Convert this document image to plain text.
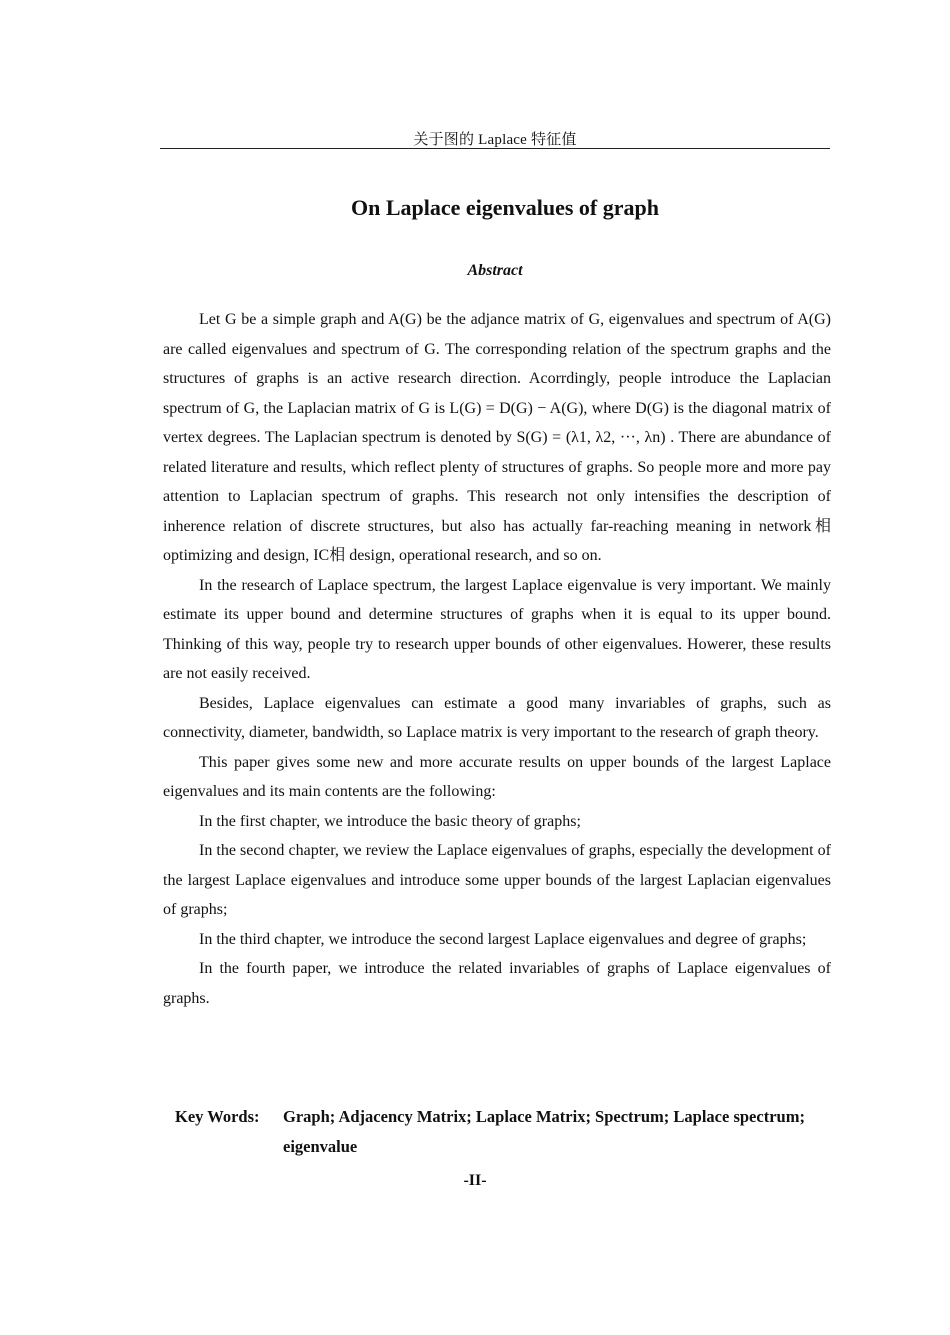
关于图的 Laplace 特征值
On Laplace eigenvalues of graph
Abstract

Let G be a simple graph and A(G) be the adjance matrix of G, eigenvalues and spectrum of A(G) are called eigenvalues and spectrum of G. The corresponding relation of the spectrum graphs and the structures of graphs is an active research direction. Acorrdingly, people introduce the Laplacian spectrum of G, the Laplacian matrix of G is L(G) = D(G) − A(G), where D(G) is the diagonal matrix of vertex degrees. The Laplacian spectrum is denoted by S(G) = (λ1, λ2, ···, λn) . There are abundance of related literature and results, which reflect plenty of structures of graphs. So people more and more pay attention to Laplacian spectrum of graphs. This research not only intensifies the description of inherence relation of discrete structures, but also has actually far-reaching meaning in network相optimizing and design, IC相 design, operational research, and so on.

In the research of Laplace spectrum, the largest Laplace eigenvalue is very important. We mainly estimate its upper bound and determine structures of graphs when it is equal to its upper bound. Thinking of this way, people try to research upper bounds of other eigenvalues. Howerer, these results are not easily received.

Besides, Laplace eigenvalues can estimate a good many invariables of graphs, such as connectivity, diameter, bandwidth, so Laplace matrix is very important to the research of graph theory.

This paper gives some new and more accurate results on upper bounds of the largest Laplace eigenvalues and its main contents are the following:

In the first chapter, we introduce the basic theory of graphs;

In the second chapter, we review the Laplace eigenvalues of graphs, especially the development of the largest Laplace eigenvalues and introduce some upper bounds of the largest Laplacian eigenvalues of graphs;

In the third chapter, we introduce the second largest Laplace eigenvalues and degree of graphs;

In the fourth paper, we introduce the related invariables of graphs of Laplace eigenvalues of graphs.

Key Words: Graph; Adjacency Matrix; Laplace Matrix; Spectrum; Laplace spectrum; eigenvalue
-II-
